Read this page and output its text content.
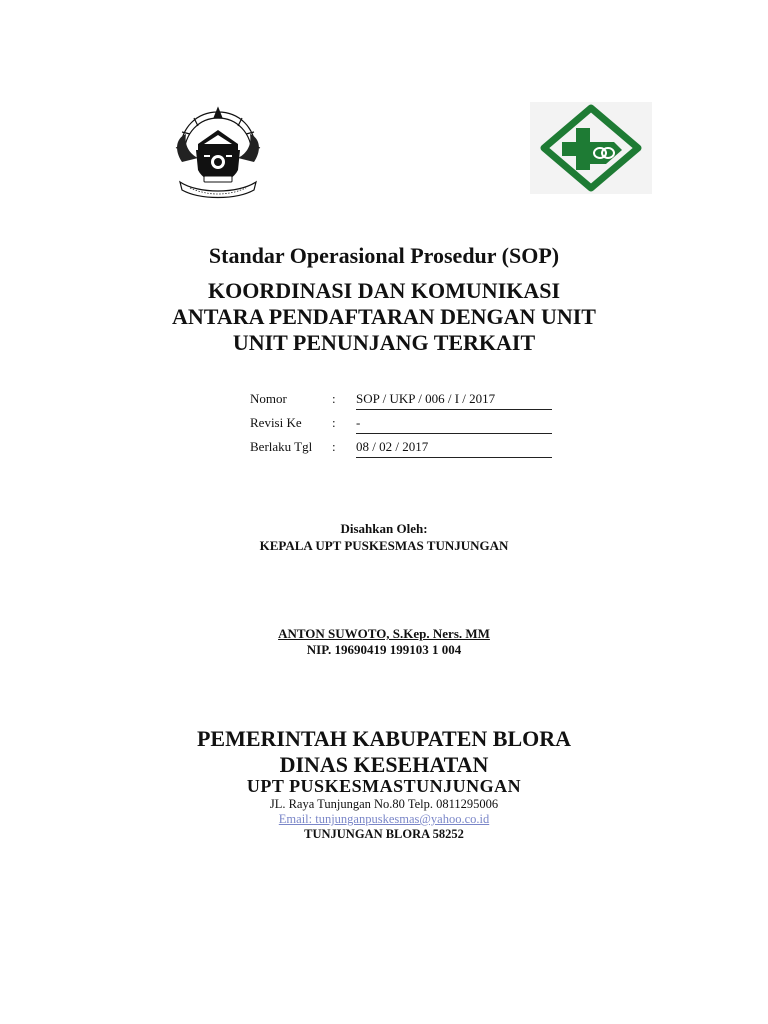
Standar Operasional Prosedur (SOP)
KOORDINASI DAN KOMUNIKASI
ANTARA PENDAFTARAN DENGAN UNIT
UNIT PENUNJANG TERKAIT
Nomor	: SOP / UKP / 006 / I / 2017
Revisi Ke	: -
Berlaku Tgl	: 08 / 02 / 2017
Disahkan Oleh:
KEPALA UPT PUSKESMAS TUNJUNGAN
ANTON SUWOTO, S.Kep. Ners. MM
NIP. 19690419 199103 1 004
PEMERINTAH KABUPATEN BLORA
DINAS KESEHATAN
UPT PUSKESMASTUNJUNGAN
JL. Raya Tunjungan No.80 Telp. 0811295006
Email: tunjunganpuskesmas@yahoo.co.id
TUNJUNGAN BLORA 58252
